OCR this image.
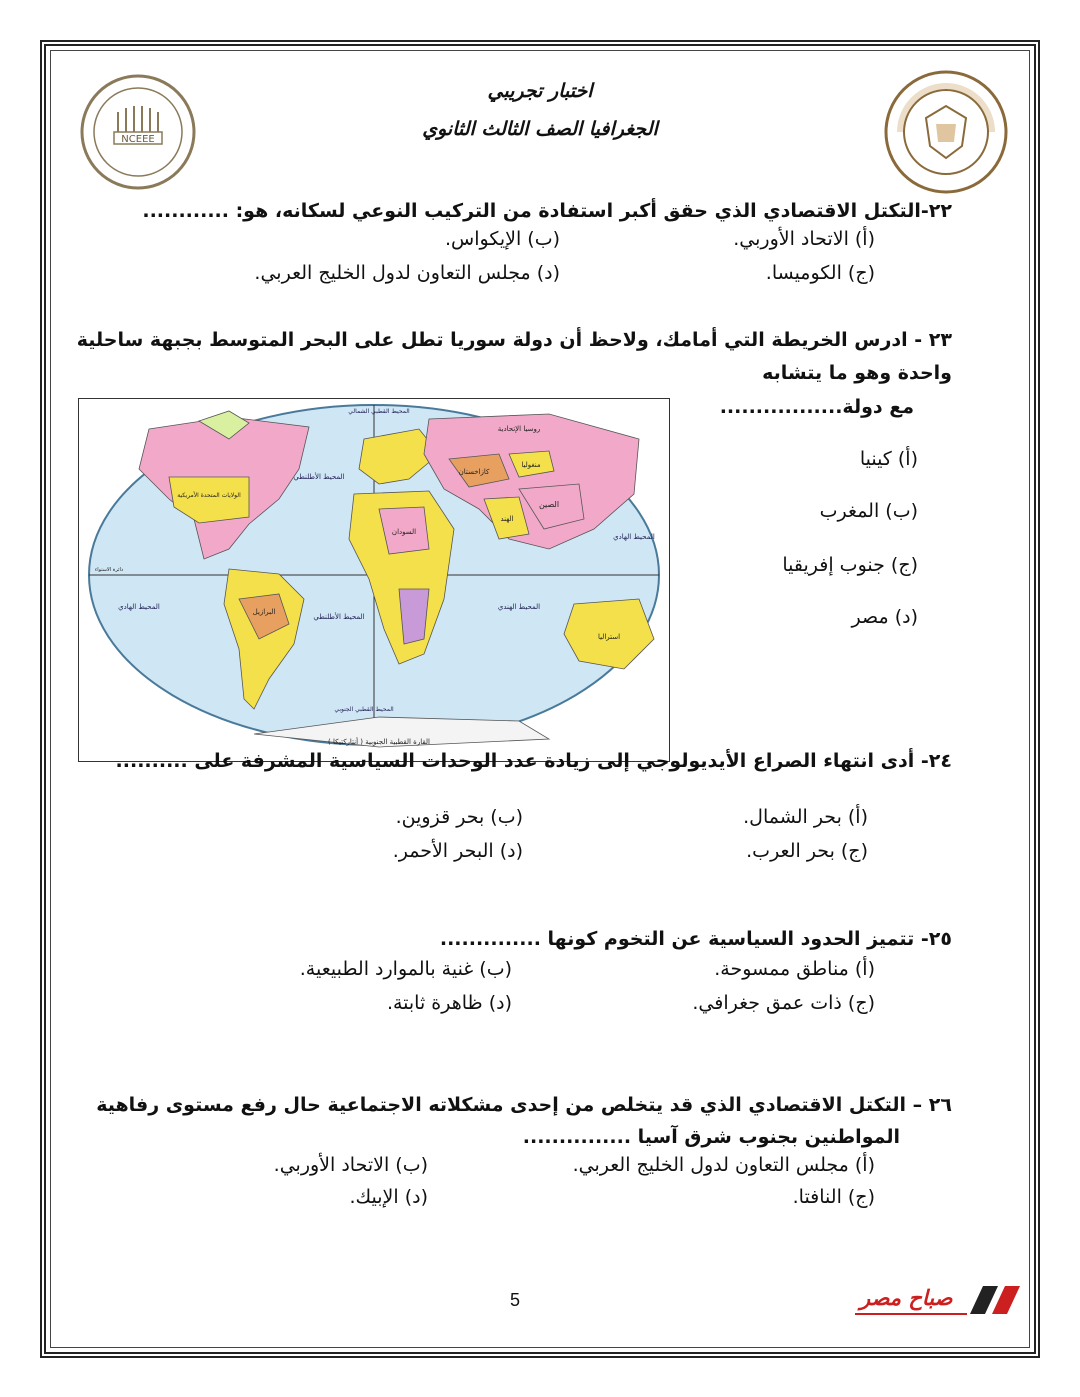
NCEEE
اختبار تجريبي
الجغرافيا الصف الثالث الثانوي
٢٢-التكتل الاقتصادي الذي حقق أكبر استفادة من التركيب النوعي لسكانه، هو: ............
(أ) الاتحاد الأوربي.
(ب) الإيكواس.
(ج) الكوميسا.
(د) مجلس التعاون لدول الخليج العربي.
٢٣ - ادرس الخريطة التي أمامك، ولاحظ أن دولة سوريا تطل على البحر المتوسط بجبهة ساحلية
واحدة وهو ما يتشابه
مع دولة.................
(أ) كينيا
(ب) المغرب
(ج) جنوب إفريقيا
(د) مصر
روسيا الإتحادية
كازاخستان
منغوليا
الصين
الهند
السودان
استراليا
الولايات المتحدة الأمريكية
البرازيل
القارة القطبية الجنوبية ( أنتاركتيكا )
المحيط الهادي
المحيط الهادي
المحيط الأطلنطي
المحيط الأطلنطي
المحيط الهندي
المحيط القطبي الشمالي
المحيط القطبي الجنوبي
دائرة الاستواء
٢٤- أدى انتهاء الصراع الأيديولوجي إلى زيادة عدد الوحدات السياسية المشرفة على ..........
(أ) بحر الشمال.
(ب) بحر قزوين.
(ج) بحر العرب.
(د) البحر الأحمر.
٢٥- تتميز الحدود السياسية عن التخوم كونها ..............
(أ) مناطق ممسوحة.
(ب) غنية بالموارد الطبيعية.
(ج) ذات عمق جغرافي.
(د) ظاهرة ثابتة.
٢٦ – التكتل الاقتصادي الذي قد يتخلص من إحدى مشكلاته الاجتماعية حال رفع مستوى رفاهية
المواطنين بجنوب شرق آسيا ...............
(أ) مجلس التعاون لدول الخليج العربي.
(ب) الاتحاد الأوربي.
(ج) النافتا.
(د) الإبيك.
5	صباح مصر
